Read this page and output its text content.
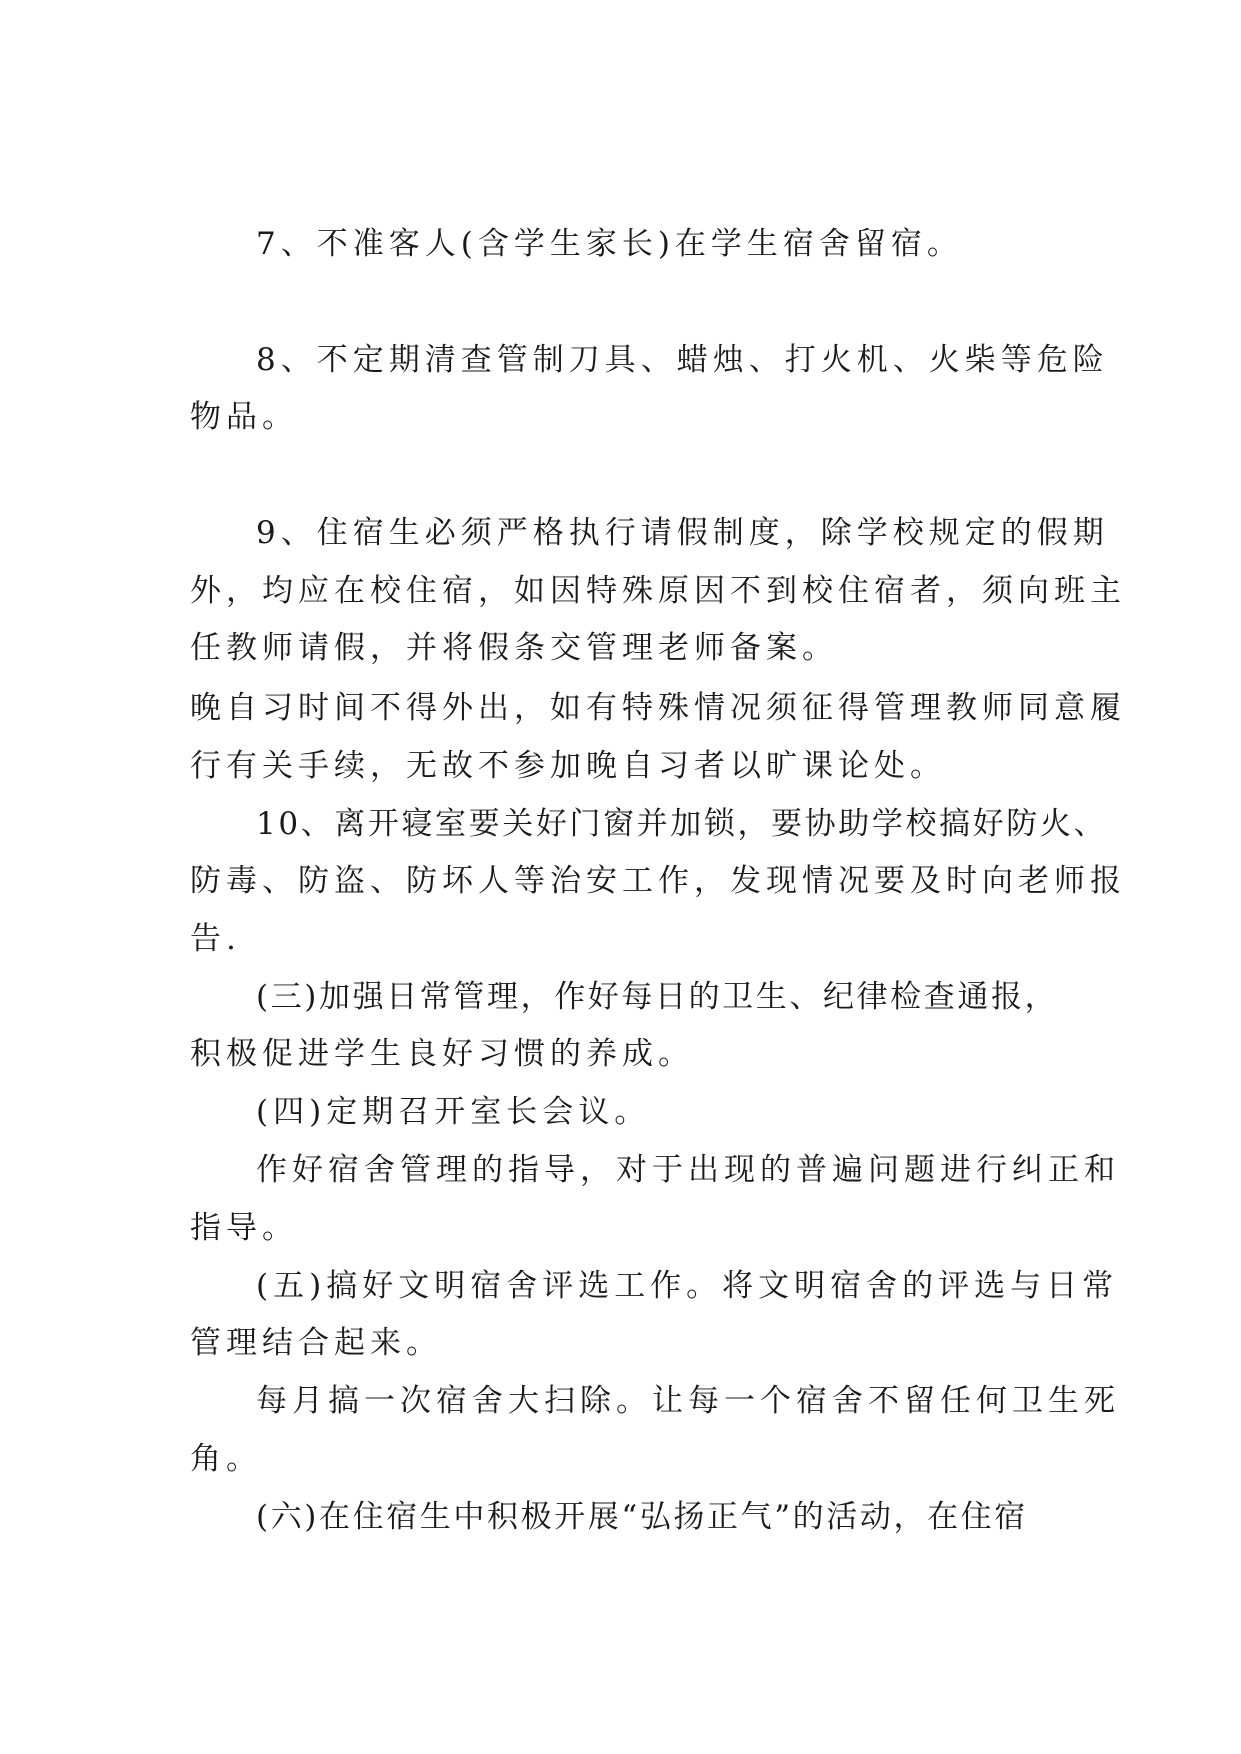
7、不准客人(含学生家长)在学生宿舍留宿。
8、不定期清查管制刀具、蜡烛、打火机、火柴等危险
物品。
9、住宿生必须严格执行请假制度，除学校规定的假期
外，均应在校住宿，如因特殊原因不到校住宿者，须向班主
任教师请假，并将假条交管理老师备案。
晚自习时间不得外出，如有特殊情况须征得管理教师同意履
行有关手续，无故不参加晚自习者以旷课论处。
10、离开寝室要关好门窗并加锁，要协助学校搞好防火、
防毒、防盗、防坏人等治安工作，发现情况要及时向老师报
告.
(三)加强日常管理，作好每日的卫生、纪律检查通报，
积极促进学生良好习惯的养成。
(四)定期召开室长会议。
作好宿舍管理的指导，对于出现的普遍问题进行纠正和
指导。
(五)搞好文明宿舍评选工作。将文明宿舍的评选与日常
管理结合起来。
每月搞一次宿舍大扫除。让每一个宿舍不留任何卫生死
角。
(六)在住宿生中积极开展“弘扬正气”的活动，在住宿
